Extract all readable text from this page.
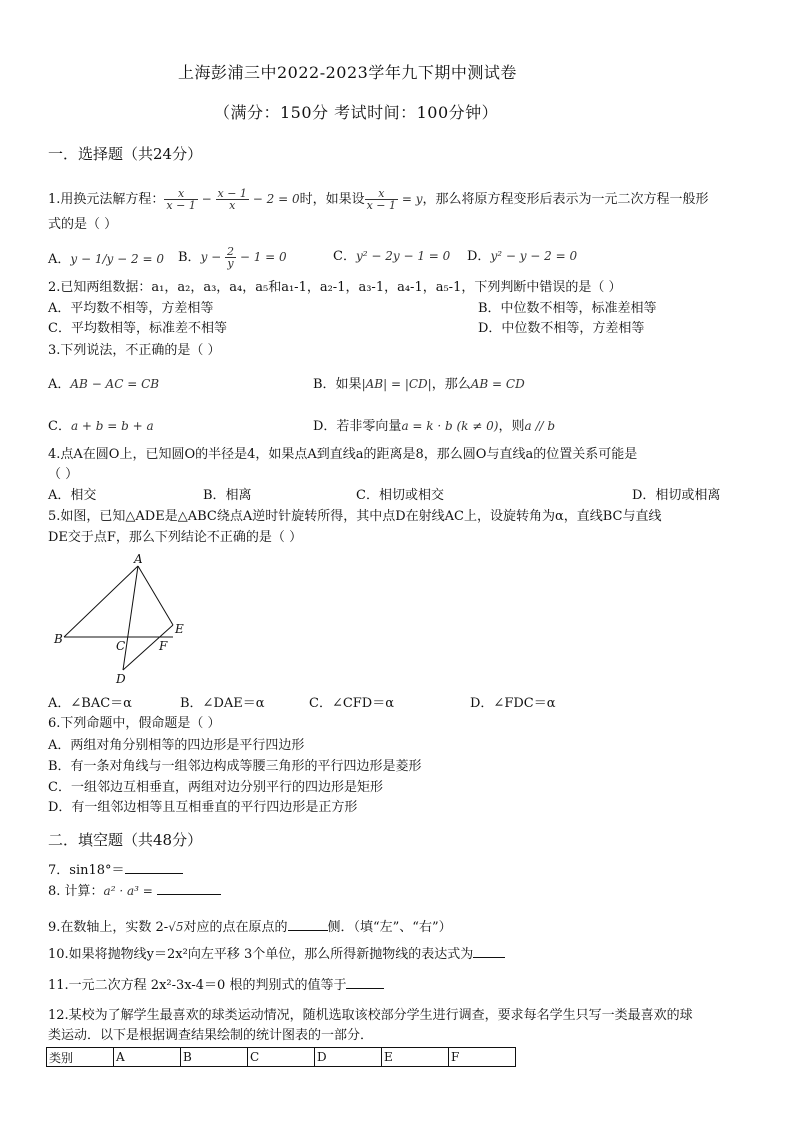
上海彭浦三中2022-2023学年九下期中测试卷
（满分：150分 考试时间：100分钟）
一．选择题（共24分）
1.用换元法解方程： $\frac{x}{x - 1} - \frac{x - 1}{x} - 2 = 0$时，如果设 $\frac{x}{x - 1} = y$，那么将原方程变形后表示为一元二次方程一般形
式的是（ ）
A．y − 1/y − 2 = 0 B．$y - \frac{2}{y} - 1 = 0$	C．y² − 2y − 1 = 0 D．y² − y − 2 = 0
2.已知两组数据：a₁，a₂，a₃，a₄，a₅和a₁-1，a₂-1，a₃-1，a₄-1，a₅-1，下列判断中错误的是（ ）
A．平均数不相等，方差相等	B．中位数不相等，标准差相等
C．平均数相等，标准差不相等	D．中位数不相等，方差相等
3.下列说法，不正确的是（ ）
A．AB − AC = CB	B．如果|AB| = |CD|，那么AB = CD
C．a + b = b + a	D．若非零向量a = k · b (k ≠ 0)，则a // b
4.点A在圆O上，已知圆O的半径是4，如果点A到直线a的距离是8，那么圆O与直线a的位置关系可能是
（ ）
A．相交	B．相离	C．相切或相交	D．相切或相离
5.如图，已知△ADE是△ABC绕点A逆时针旋转所得，其中点D在射线AC上，设旋转角为α，直线BC与直线
DE交于点F，那么下列结论不正确的是（ ）
A
B	C
D
E
F
A．∠BAC＝α	B．∠DAE＝α	C．∠CFD＝α	D．∠FDC＝α
6.下列命题中，假命题是（ ）
A．两组对角分别相等的四边形是平行四边形
B．有一条对角线与一组邻边构成等腰三角形的平行四边形是菱形
C．一组邻边互相垂直，两组对边分别平行的四边形是矩形
D．有一组邻边相等且互相垂直的平行四边形是正方形
二．填空题（共48分）
7．sin18°＝
8. 计算：a² · a³ =
9.在数轴上，实数 2-√5对应的点在原点的	侧．（填“左”、“右”）
10.如果将抛物线y＝2x²向左平移 3个单位，那么所得新抛物线的表达式为
11.一元二次方程 2x²-3x-4＝0 根的判别式的值等于
12.某校为了解学生最喜欢的球类运动情况，随机选取该校部分学生进行调查，要求每名学生只写一类最喜欢的球
类运动．以下是根据调查结果绘制的统计图表的一部分．
类别	A	B	C	D	E	F
